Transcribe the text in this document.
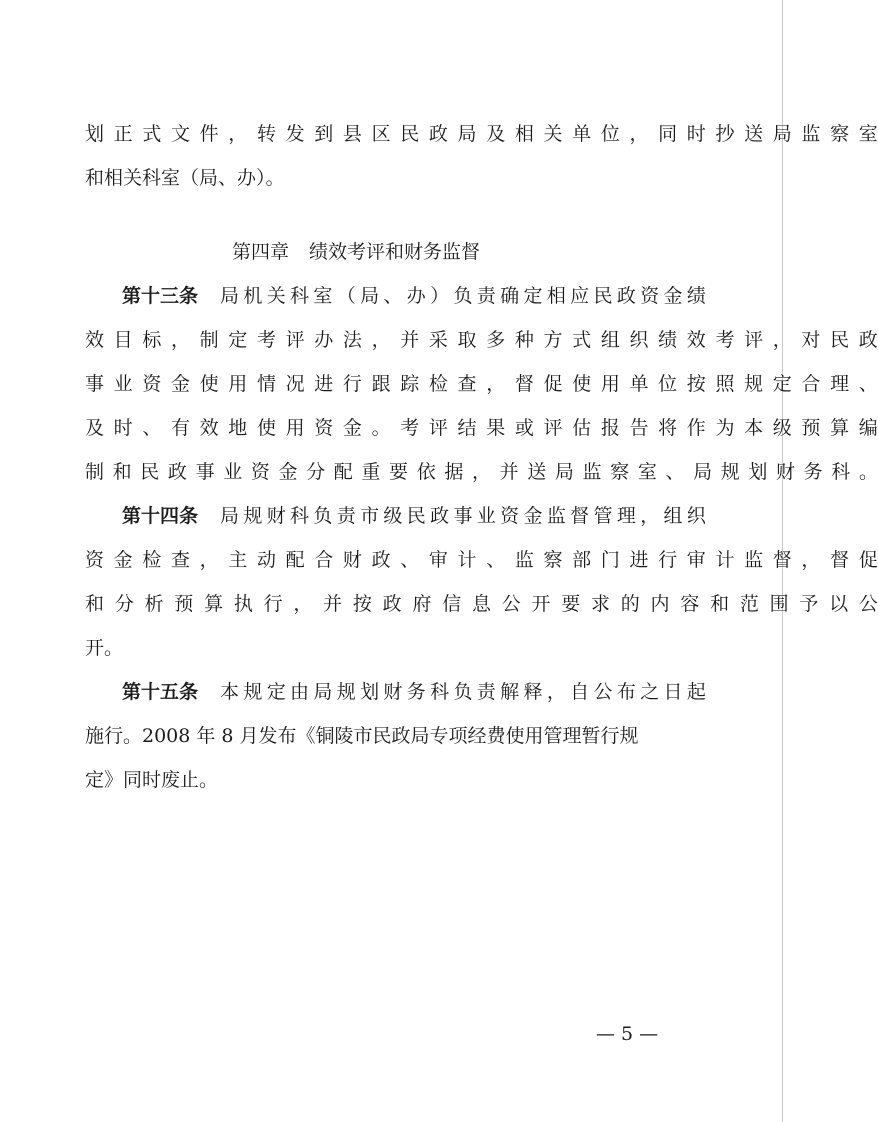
划 正 式 文 件 ， 转 发 到 县 区 民 政 局 及 相 关 单 位 ， 同 时 抄 送 局 监 察 室
和相关科室（局、办）。
第四章 绩效考评和财务监督
第十三条 局 机 关 科 室 （ 局 、 办 ） 负 责 确 定 相 应 民 政 资 金 绩
效 目 标 ， 制 定 考 评 办 法 ， 并 采 取 多 种 方 式 组 织 绩 效 考 评 ， 对 民 政
事 业 资 金 使 用 情 况 进 行 跟 踪 检 查 ， 督 促 使 用 单 位 按 照 规 定 合 理 、
及 时 、 有 效 地 使 用 资 金 。 考 评 结 果 或 评 估 报 告 将 作 为 本 级 预 算 编
制 和 民 政 事 业 资 金 分 配 重 要 依 据 ， 并 送 局 监 察 室 、 局 规 划 财 务 科 。
第十四条 局 规 财 科 负 责 市 级 民 政 事 业 资 金 监 督 管 理 ， 组 织
资 金 检 查 ， 主 动 配 合 财 政 、 审 计 、 监 察 部 门 进 行 审 计 监 督 ， 督 促
和 分 析 预 算 执 行 ， 并 按 政 府 信 息 公 开 要 求 的 内 容 和 范 围 予 以 公
开。
第十五条 本 规 定 由 局 规 划 财 务 科 负 责 解 释 ， 自 公 布 之 日 起
施行。2008 年 8 月发布《铜陵市民政局专项经费使用管理暂行规
定》同时废止。
— 5 —
